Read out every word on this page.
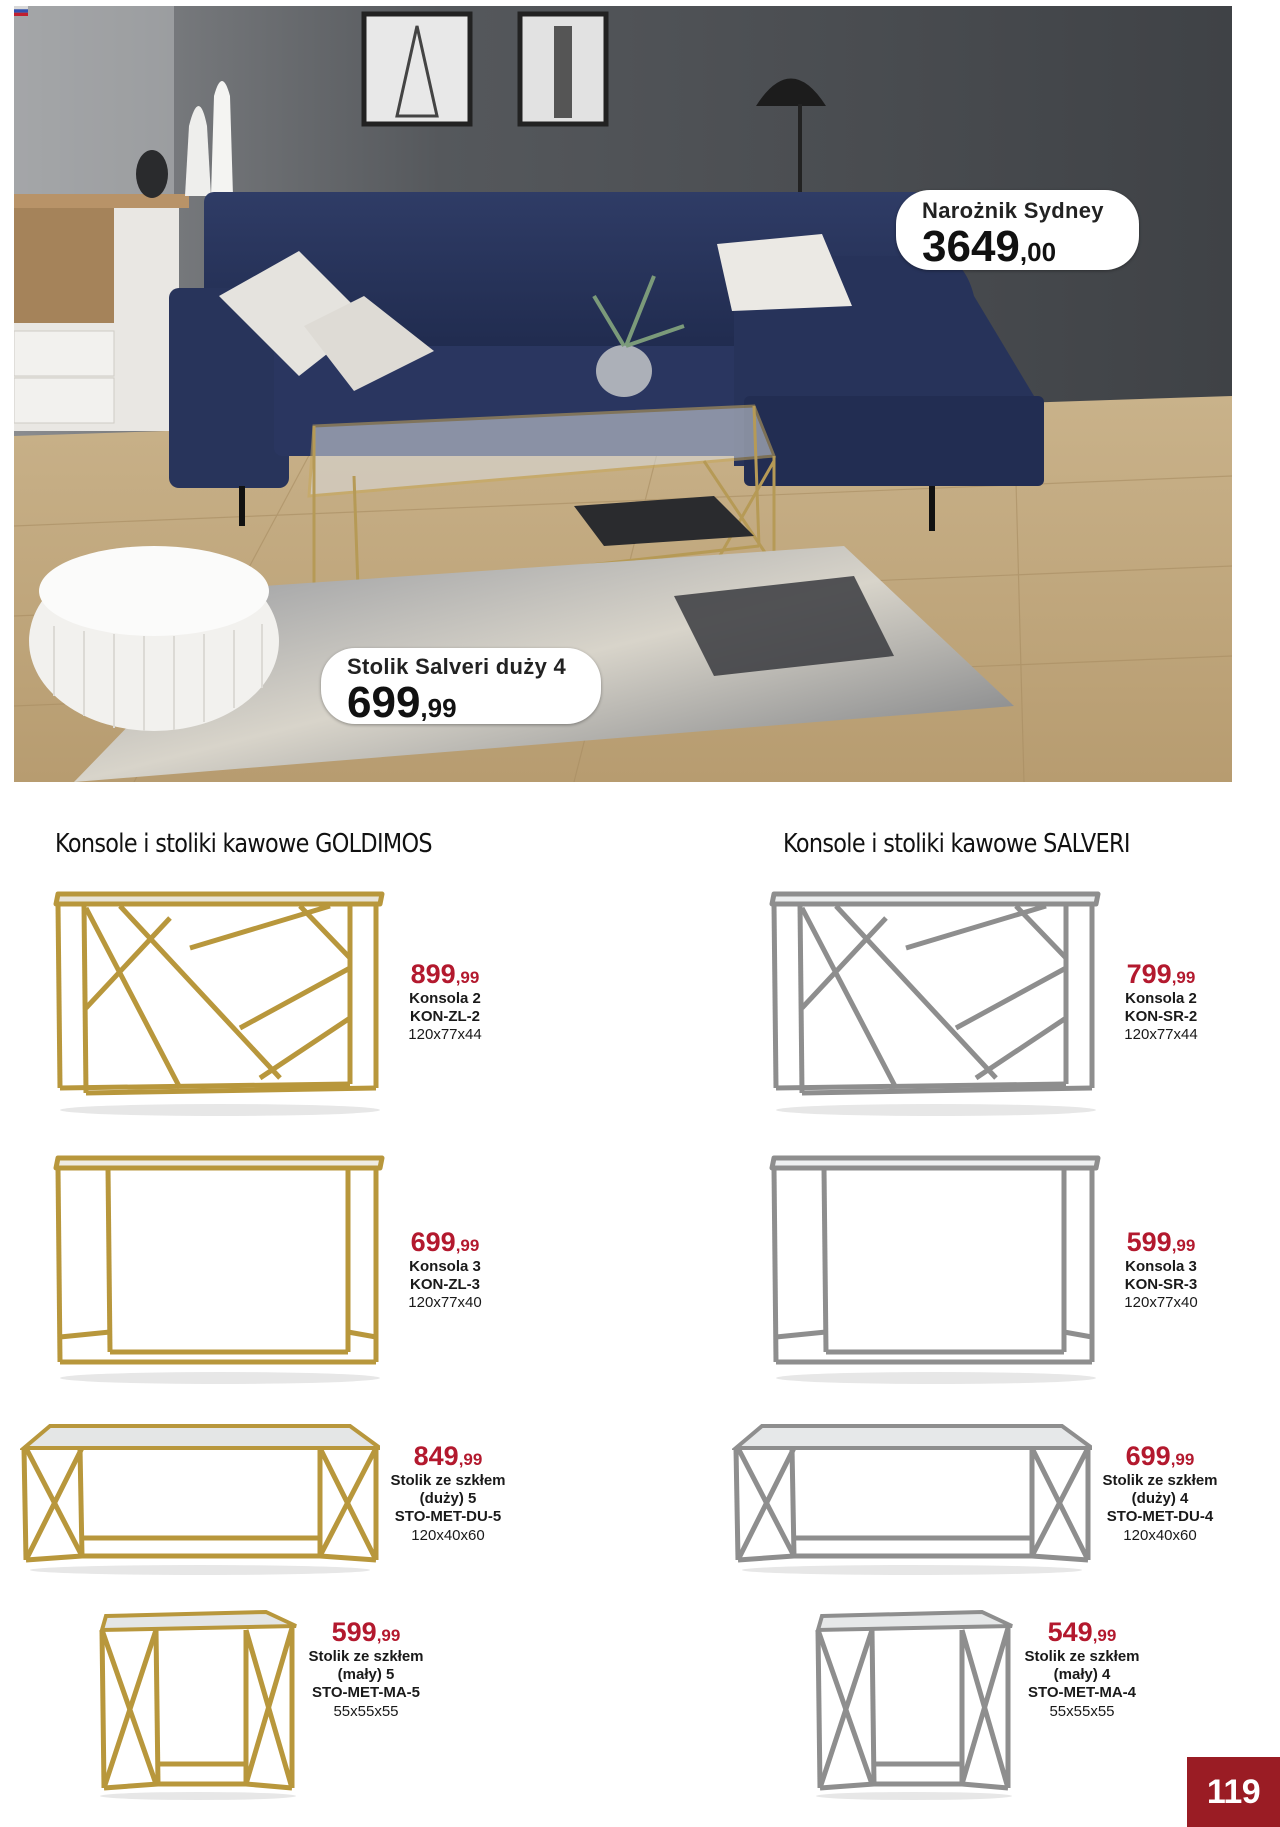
Narożnik Sydney
3649,00
Stolik Salveri duży 4
699,99
Konsole i stoliki kawowe GOLDIMOS	Konsole i stoliki kawowe SALVERI
899,99
Konsola 2
KON-ZL-2
120x77x44
799,99
Konsola 2
KON-SR-2
120x77x44
699,99
Konsola 3
KON-ZL-3
120x77x40
599,99
Konsola 3
KON-SR-3
120x77x40
849,99
Stolik ze szkłem
(duży) 5
STO-MET-DU-5
120x40x60
699,99
Stolik ze szkłem
(duży) 4
STO-MET-DU-4
120x40x60
599,99
Stolik ze szkłem
(mały) 5
STO-MET-MA-5
55x55x55
549,99
Stolik ze szkłem
(mały) 4
STO-MET-MA-4
55x55x55
119
